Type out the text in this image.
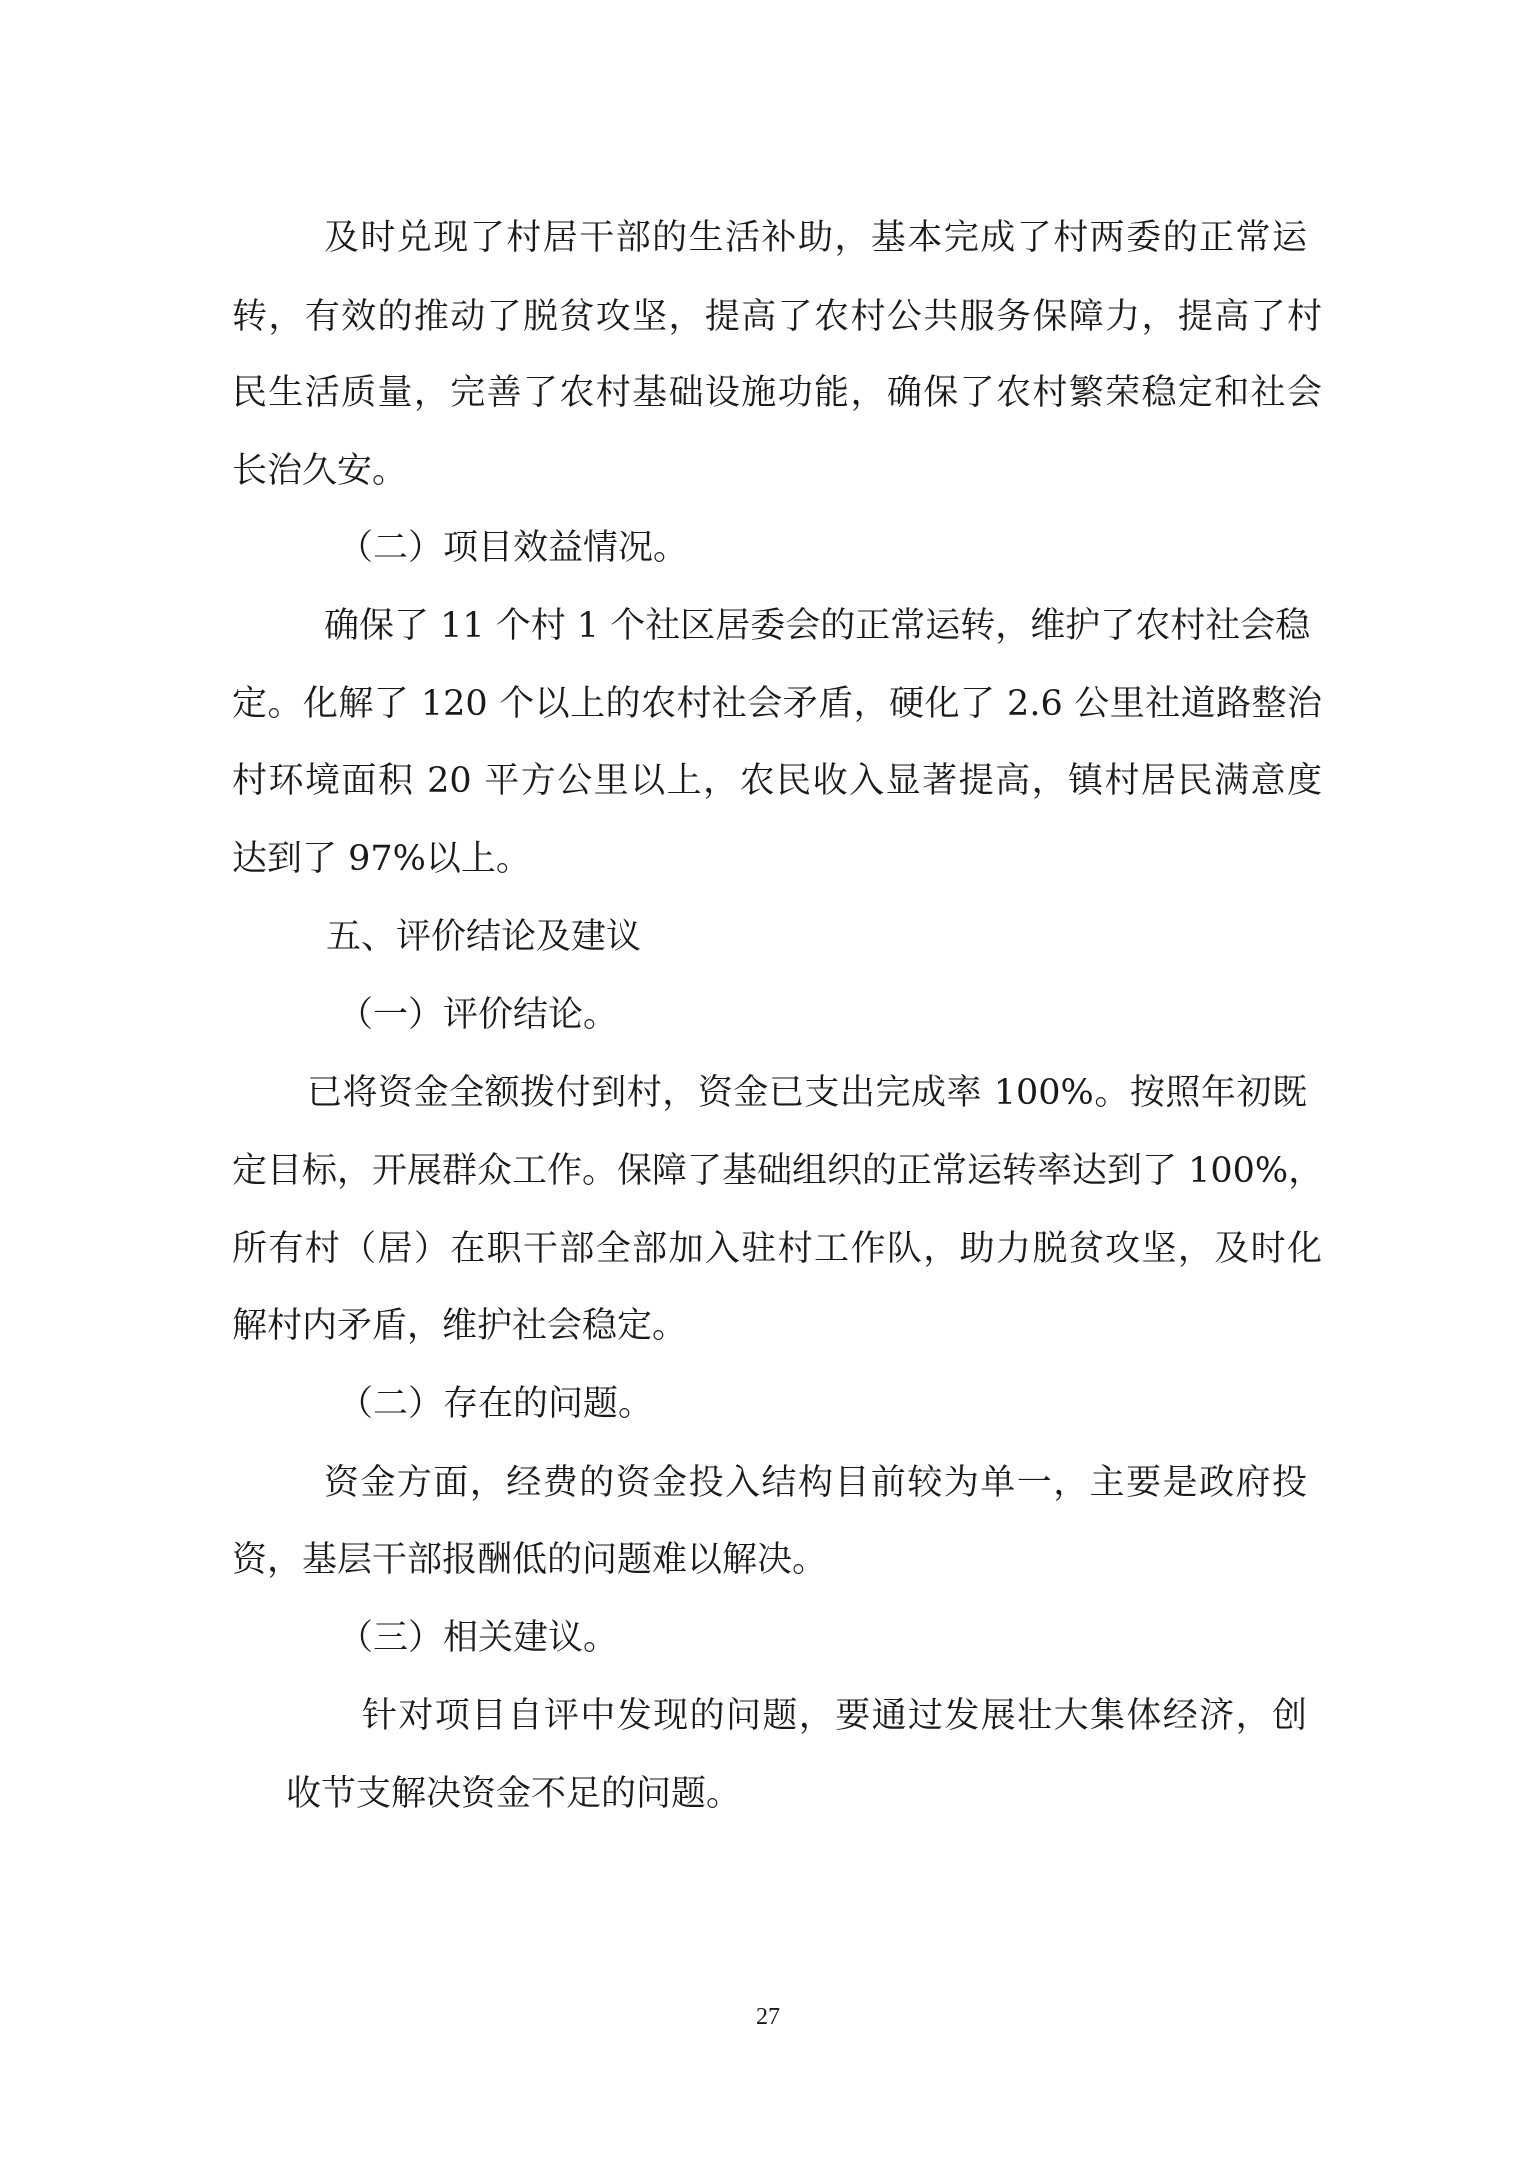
及时兑现了村居干部的生活补助，基本完成了村两委的正常运
转，有效的推动了脱贫攻坚，提高了农村公共服务保障力，提高了村
民生活质量，完善了农村基础设施功能，确保了农村繁荣稳定和社会
长治久安。
（二）项目效益情况。
确保了 11 个村 1 个社区居委会的正常运转，维护了农村社会稳
定。化解了 120 个以上的农村社会矛盾，硬化了 2.6 公里社道路整治
村环境面积 20 平方公里以上，农民收入显著提高，镇村居民满意度
达到了 97%以上。
五、评价结论及建议
（一）评价结论。
已将资金全额拨付到村，资金已支出完成率 100%。按照年初既
定目标，开展群众工作。保障了基础组织的正常运转率达到了 100%，
所有村（居）在职干部全部加入驻村工作队，助力脱贫攻坚，及时化
解村内矛盾，维护社会稳定。
（二）存在的问题。
资金方面，经费的资金投入结构目前较为单一，主要是政府投
资，基层干部报酬低的问题难以解决。
（三）相关建议。
针对项目自评中发现的问题，要通过发展壮大集体经济，创
收节支解决资金不足的问题。
27
